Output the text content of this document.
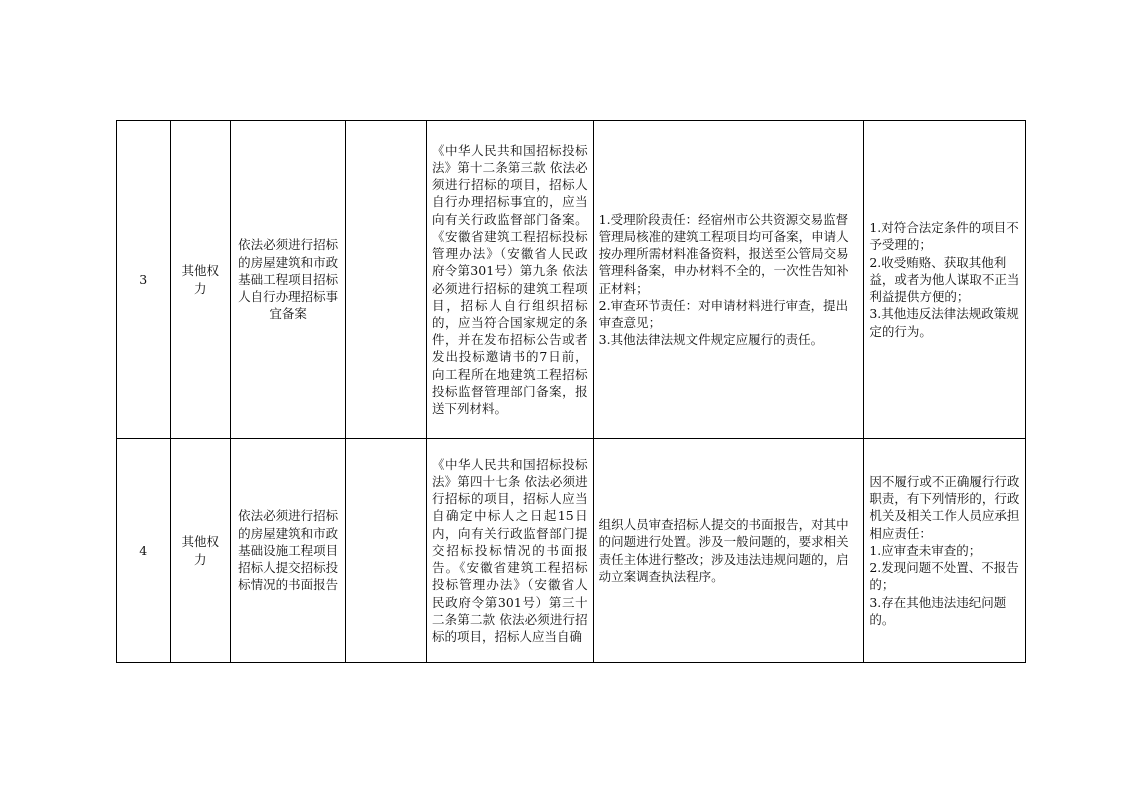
3	其他权力	依法必须进行招标的房屋建筑和市政基础工程项目招标人自行办理招标事宜备案		《中华人民共和国招标投标法》第十二条第三款 依法必须进行招标的项目，招标人自行办理招标事宜的，应当向有关行政监督部门备案。《安徽省建筑工程招标投标管理办法》（安徽省人民政府令第301号）第九条 依法必须进行招标的建筑工程项目，招标人自行组织招标的，应当符合国家规定的条件，并在发布招标公告或者发出投标邀请书的7日前，向工程所在地建筑工程招标投标监督管理部门备案，报送下列材料。	1.受理阶段责任：经宿州市公共资源交易监督管理局核准的建筑工程项目均可备案，申请人按办理所需材料准备资料，报送至公管局交易管理科备案，申办材料不全的，一次性告知补正材料；
2.审查环节责任：对申请材料进行审查，提出审查意见；
3.其他法律法规文件规定应履行的责任。	1.对符合法定条件的项目不予受理的；
2.收受贿赂、获取其他利益，或者为他人谋取不正当利益提供方便的；
3.其他违反法律法规政策规定的行为。

4	其他权力	依法必须进行招标的房屋建筑和市政基础设施工程项目招标人提交招标投标情况的书面报告		《中华人民共和国招标投标法》第四十七条 依法必须进行招标的项目，招标人应当自确定中标人之日起15日内，向有关行政监督部门提交招标投标情况的书面报告。《安徽省建筑工程招标投标管理办法》（安徽省人民政府令第301号）第三十二条第二款 依法必须进行招标的项目，招标人应当自确	组织人员审查招标人提交的书面报告，对其中的问题进行处置。涉及一般问题的，要求相关责任主体进行整改；涉及违法违规问题的，启动立案调查执法程序。	因不履行或不正确履行行政职责，有下列情形的，行政机关及相关工作人员应承担相应责任：
1.应审查未审查的；
2.发现问题不处置、不报告的；
3.存在其他违法违纪问题的。
